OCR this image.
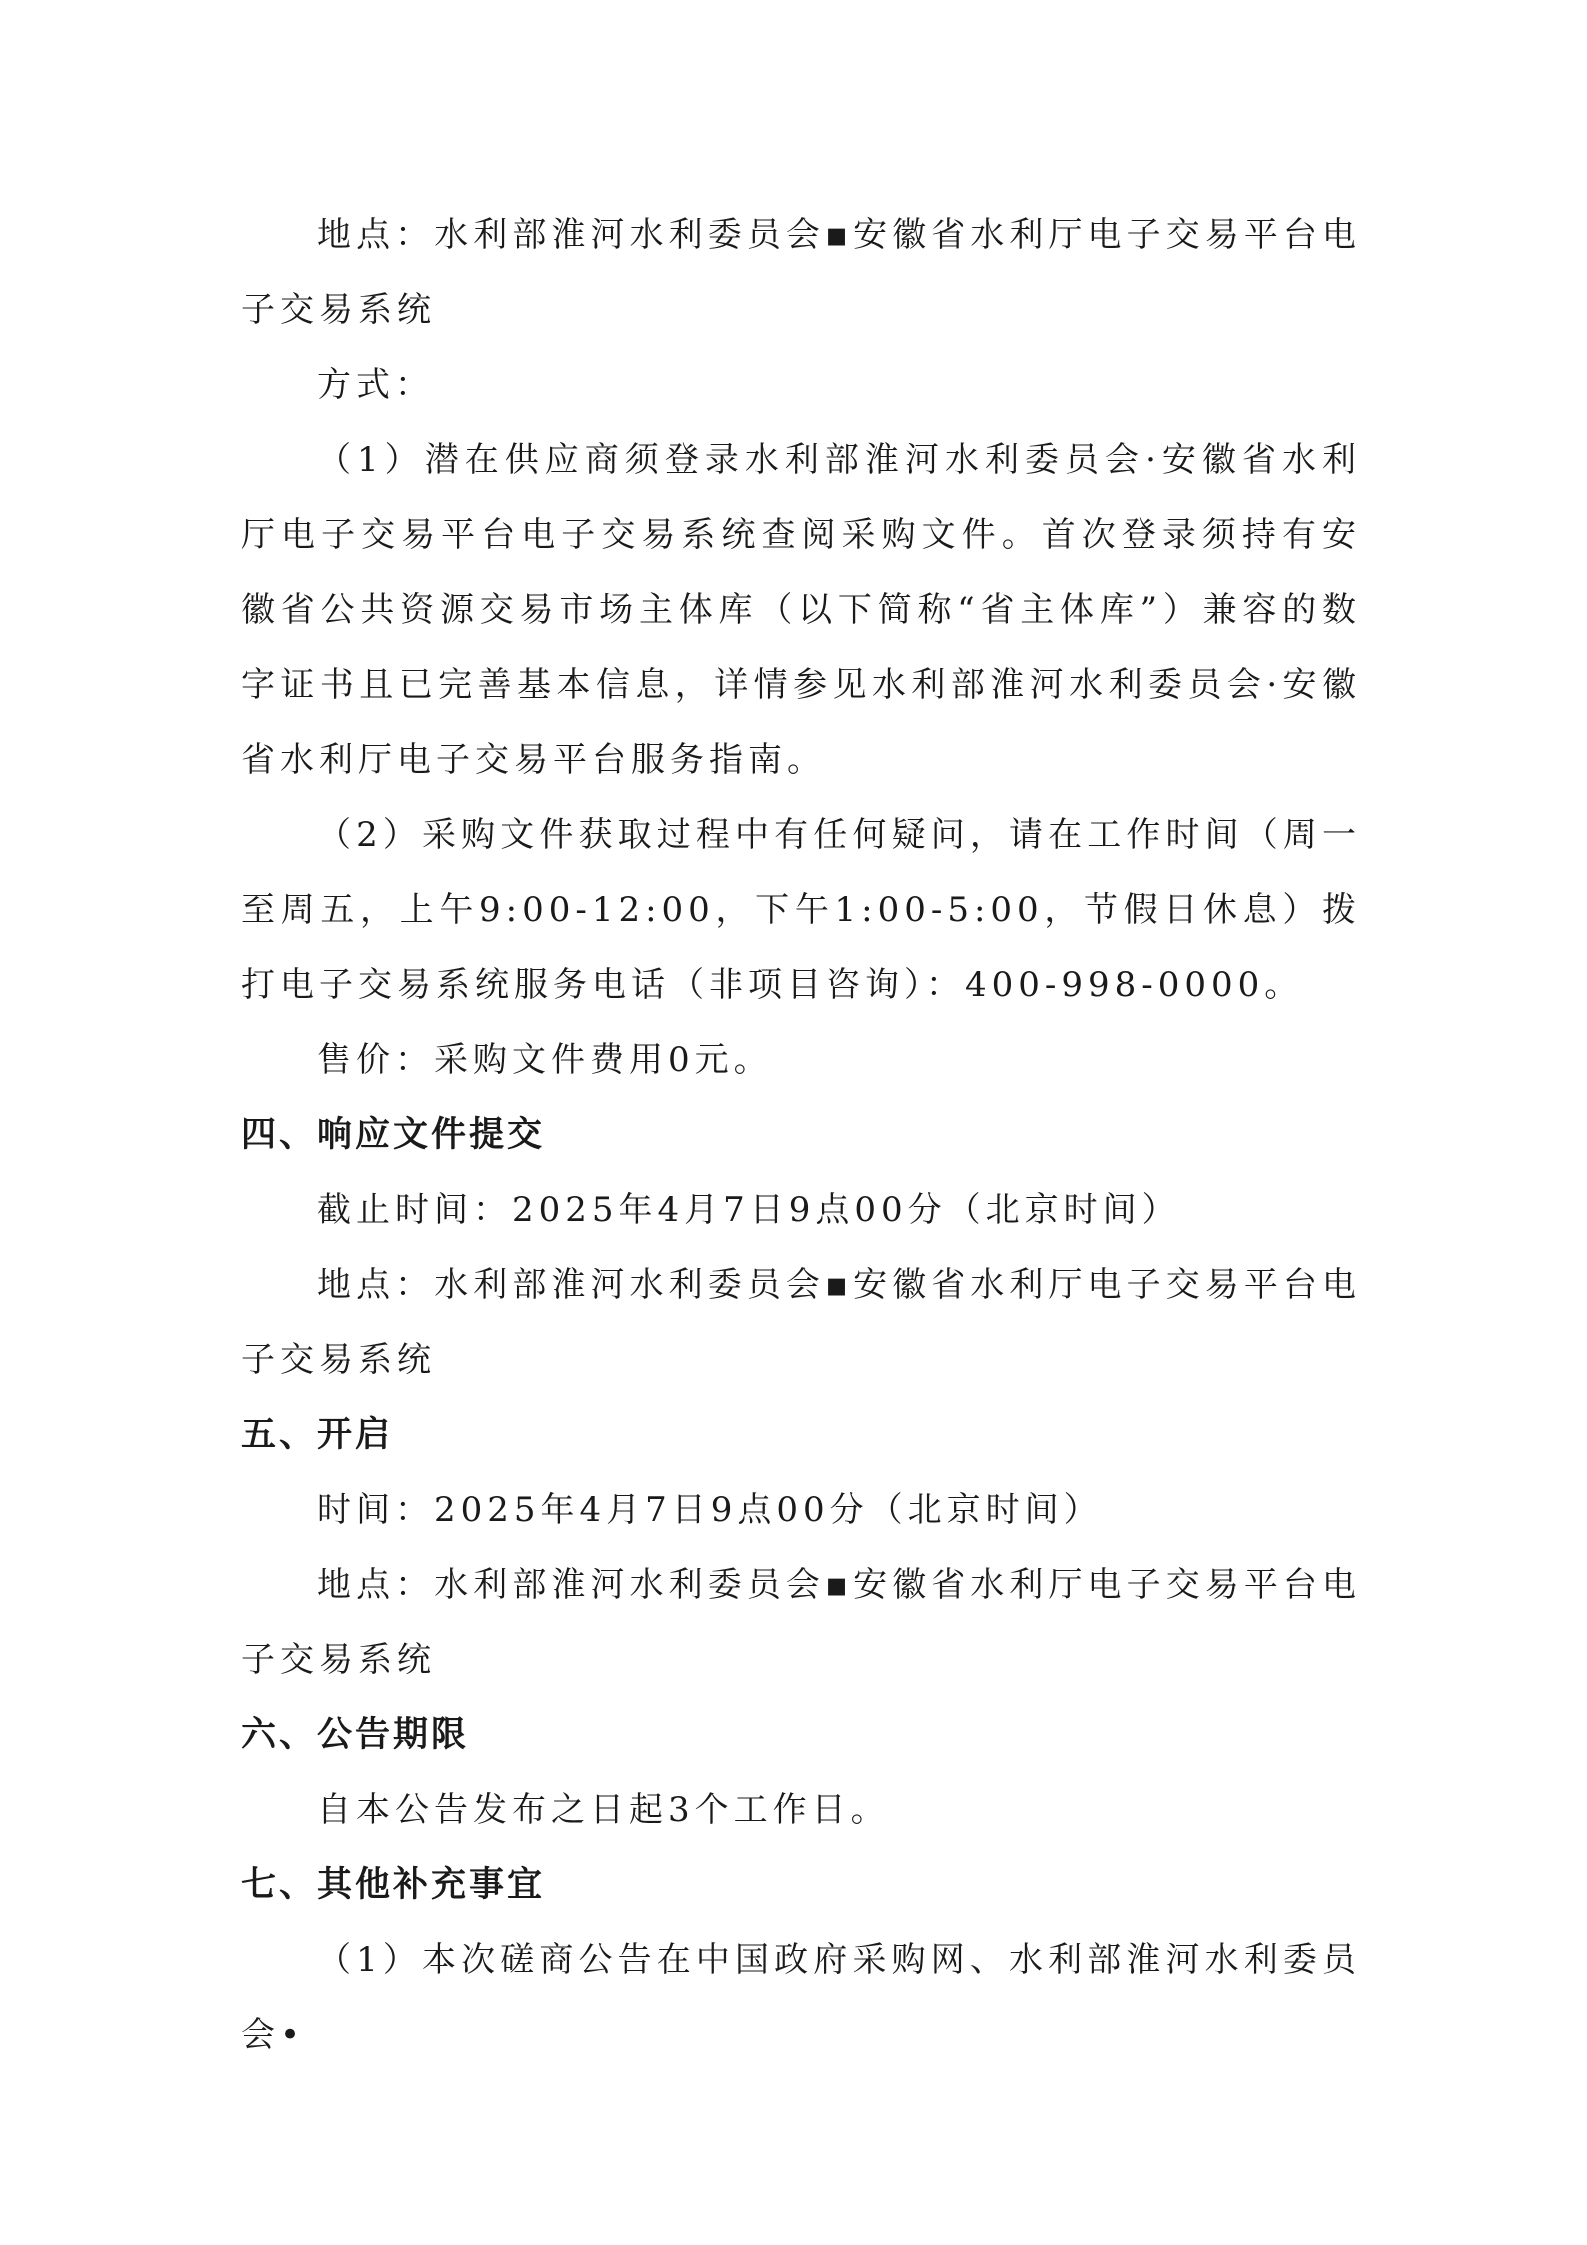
地点：水利部淮河水利委员会▪安徽省水利厅电子交易平台电子交易系统

方式：

（1）潜在供应商须登录水利部淮河水利委员会·安徽省水利厅电子交易平台电子交易系统查阅采购文件。首次登录须持有安徽省公共资源交易市场主体库（以下简称“省主体库”）兼容的数字证书且已完善基本信息，详情参见水利部淮河水利委员会·安徽省水利厅电子交易平台服务指南。

（2）采购文件获取过程中有任何疑问，请在工作时间（周一至周五，上午9:00-12:00，下午1:00-5:00，节假日休息）拨打电子交易系统服务电话（非项目咨询）：400-998-0000。

售价：采购文件费用0元。

四、响应文件提交

截止时间：2025年4月7日9点00分（北京时间）

地点：水利部淮河水利委员会▪安徽省水利厅电子交易平台电子交易系统

五、开启

时间：2025年4月7日9点00分（北京时间）

地点：水利部淮河水利委员会▪安徽省水利厅电子交易平台电子交易系统

六、公告期限

自本公告发布之日起3个工作日。

七、其他补充事宜

（1）本次磋商公告在中国政府采购网、水利部淮河水利委员会•
